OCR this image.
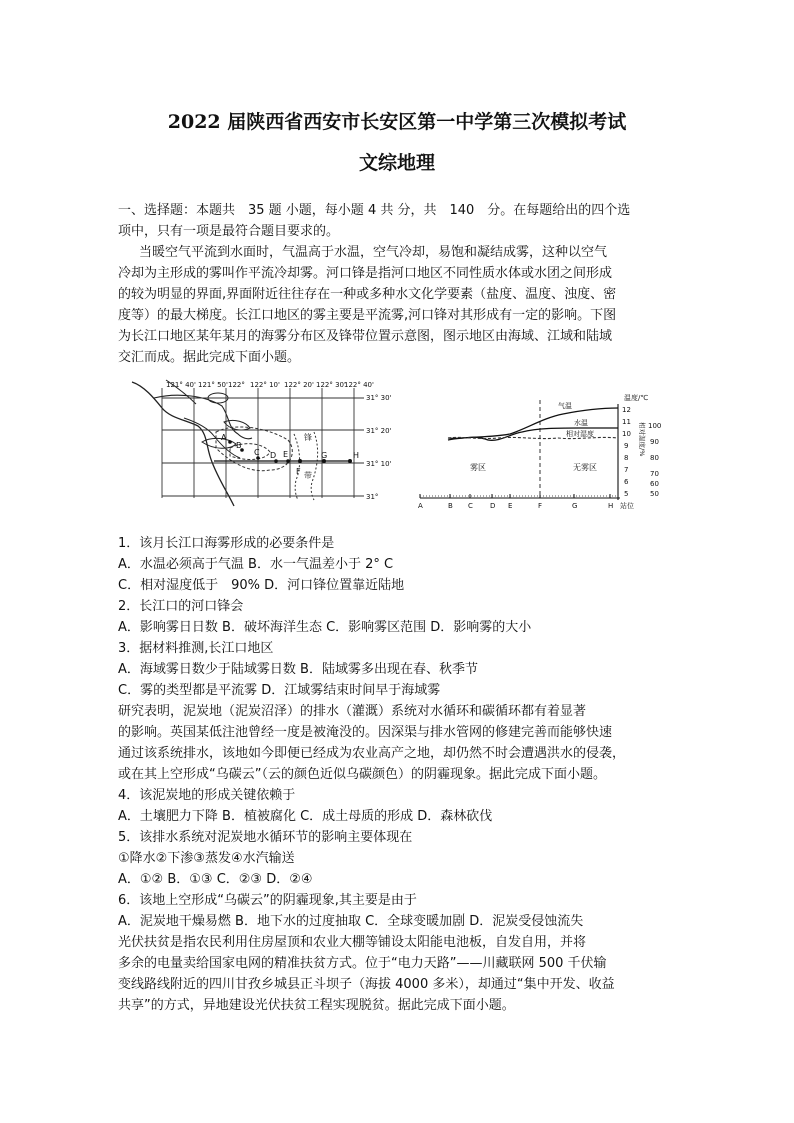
2022 届陕西省西安市长安区第一中学第三次模拟考试
文综地理
一、选择题：本题共　35 题 小题，每小题 4 共 分，共　140　分。在每题给出的四个选
项中，只有一项是最符合题目要求的。
当暖空气平流到水面时，气温高于水温，空气冷却，易饱和凝结成雾，这种以空气
冷却为主形成的雾叫作平流冷却雾。河口锋是指河口地区不同性质水体或水团之间形成
的较为明显的界面,界面附近往往存在一种或多种水文化学要素（盐度、温度、浊度、密
度等）的最大梯度。长江口地区的雾主要是平流雾,河口锋对其形成有一定的影响。下图
为长江口地区某年某月的海雾分布区及锋带位置示意图，图示地区由海域、江域和陆域
交汇而成。据此完成下面小题。
A
B
C D E
F
G	H
锋
带
121° 40' 121° 50' 122° 122° 10' 122° 20' 122° 30'
122° 40'
31° 30'
31° 20'
31° 10'
31°
A	B C D E	F	G	H 站位
气温
水温
相对湿度
雾区	无雾区
温度/℃
12
11
10
9
8
7
6
5
相对湿度/% 100
90
80
70
60
50
1．该月长江口海雾形成的必要条件是
A．水温必须高于气温 B．水一气温差小于 2° C
C．相对湿度低于　90% D．河口锋位置靠近陆地
2．长江口的河口锋会
A．影响雾日日数 B．破坏海洋生态 C．影响雾区范围 D．影响雾的大小
3．据材料推测,长江口地区
A．海域雾日数少于陆域雾日数 B．陆域雾多出现在春、秋季节
C．雾的类型都是平流雾 D．江域雾结束时间早于海域雾
研究表明，泥炭地（泥炭沼泽）的排水（灌溉）系统对水循环和碳循环都有着显著
的影响。英国某低注池曾经一度是被淹没的。因深渠与排水管网的修建完善而能够快速
通过该系统排水，该地如今即便已经成为农业高产之地，却仍然不时会遭遇洪水的侵袭，
或在其上空形成“乌碳云”（云的颜色近似乌碳颜色）的阴霾现象。据此完成下面小题。
4．该泥炭地的形成关键依赖于
A．土壤肥力下降 B．植被腐化 C．成土母质的形成 D．森林砍伐
5．该排水系统对泥炭地水循环节的影响主要体现在
①降水②下渗③蒸发④水汽输送
A．①② B．①③ C．②③ D．②④
6．该地上空形成“乌碳云”的阴霾现象,其主要是由于
A．泥炭地干燥易燃 B．地下水的过度抽取 C．全球变暖加剧 D．泥炭受侵蚀流失
光伏扶贫是指农民利用住房屋顶和农业大棚等铺设太阳能电池板，自发自用，并将
多余的电量卖给国家电网的精准扶贫方式。位于“电力天路”——川藏联网 500 千伏输
变线路线附近的四川甘孜乡城县正斗坝子（海拔 4000 多米），却通过“集中开发、收益
共享”的方式，异地建设光伏扶贫工程实现脱贫。据此完成下面小题。
